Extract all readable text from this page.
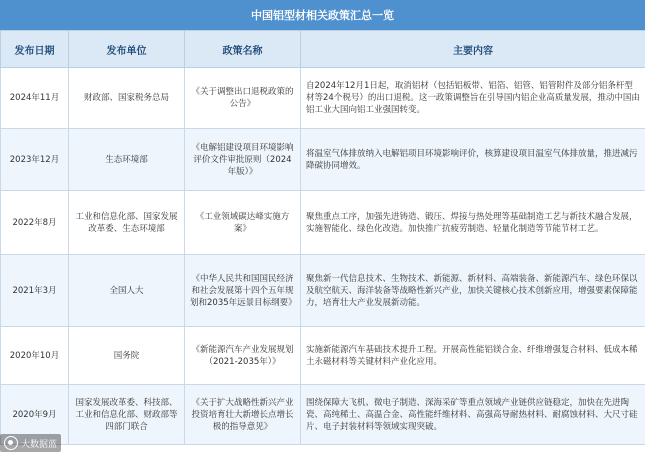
中国铝型材相关政策汇总一览
发布日期	发布单位	政策名称	主要内容
2024年11月	财政部、国家税务总局	《关于调整出口退税政策的公告》	自2024年12月1日起，取消铝材（包括铝板带、铝箔、铝管、铝管附件及部分铝条杆型材等24个税号）的出口退税。这一政策调整旨在引导国内铝企业高质量发展，推动中国由铝工业大国向铝工业强国转变。
2023年12月	生态环境部	《电解铝建设项目环境影响评价文件审批原则（2024年版）》	将温室气体排放纳入电解铝项目环境影响评价，核算建设项目温室气体排放量，推进减污降碳协同增效。
2022年8月	工业和信息化部、国家发展改革委、生态环境部	《工业领域碳达峰实施方案》	聚焦重点工序，加强先进铸造、锻压、焊接与热处理等基础制造工艺与新技术融合发展，实施智能化、绿色化改造。加快推广抗疲劳制造、轻量化制造等节能节材工艺。
2021年3月	全国人大	《中华人民共和国国民经济和社会发展第十四个五年规划和2035年远景目标纲要》	聚焦新一代信息技术、生物技术、新能源、新材料、高端装备、新能源汽车、绿色环保以及航空航天、海洋装备等战略性新兴产业，加快关键核心技术创新应用，增强要素保障能力，培育壮大产业发展新动能。
2020年10月	国务院	《新能源汽车产业发展规划（2021-2035年）》	实施新能源汽车基础技术提升工程。开展高性能铝镁合金、纤维增强复合材料、低成本稀土永磁材料等关键材料产业化应用。
2020年9月	国家发展改革委、科技部、工业和信息化部、财政部等四部门联合	《关于扩大战略性新兴产业投资培育壮大新增长点增长极的指导意见》	围绕保障大飞机、微电子制造、深海采矿等重点领域产业链供应链稳定，加快在先进陶瓷、高纯稀土、高温合金、高性能纤维材料、高强高导耐热材料、耐腐蚀材料、大尺寸硅片、电子封装材料等领域实现突破。
大数据蓝
